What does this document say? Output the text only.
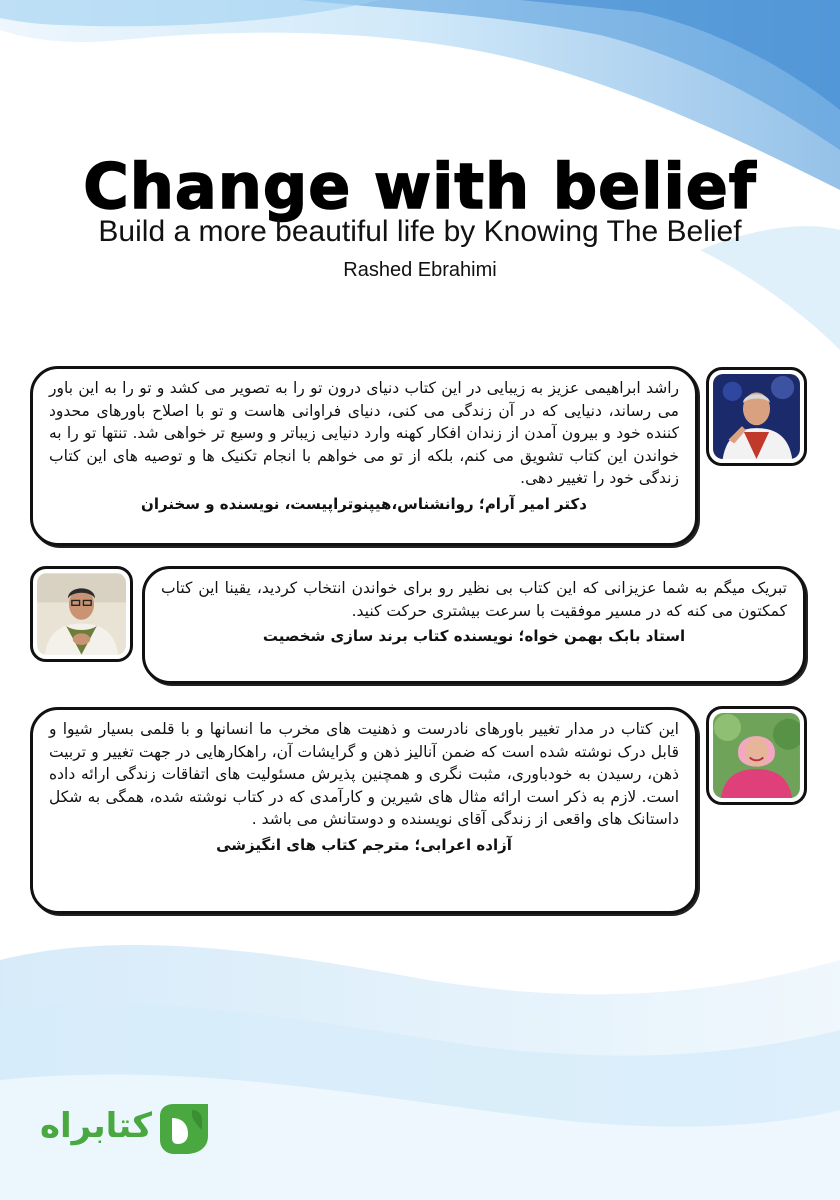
Change with belief
Build a more beautiful life by Knowing The Belief
Rashed Ebrahimi
راشد ابراهیمی عزیز به زیبایی در این کتاب دنیای درون تو را به تصویر می کشد و تو را به این باور می رساند، دنیایی که در آن زندگی می کنی، دنیای فراوانی هاست و تو با اصلاح باورهای محدود کننده خود و بیرون آمدن از زندان افکار کهنه وارد دنیایی زیباتر و وسیع تر خواهی شد. تنتها تو را به خواندن این کتاب تشویق می کنم، بلکه از تو می خواهم با انجام تکنیک ها و توصیه های این کتاب زندگی خود را تغییر دهی.
دکتر امیر آرام؛ روانشناس،هیپنوتراپیست، نویسنده و سخنران
تبریک میگم به شما عزیزانی که این کتاب بی نظیر رو برای خواندن انتخاب کردید، یقینا این کتاب کمکتون می کنه که در مسیر موفقیت با سرعت بیشتری حرکت کنید.
استاد بابک بهمن خواه؛ نویسنده کتاب برند سازی شخصیت
این کتاب در مدار تغییر باورهای نادرست و ذهنیت های مخرب ما انسانها و با قلمی بسیار شیوا و قابل درک نوشته شده است که ضمن آنالیز ذهن و گرایشات آن، راهکارهایی در جهت تغییر و تربیت ذهن، رسیدن به خودباوری، مثبت نگری و همچنین پذیرش مسئولیت های اتفاقات زندگی ارائه داده است. لازم به ذکر است ارائه مثال های شیرین و کارآمدی که در کتاب نوشته شده، همگی به شکل داستانک های واقعی از زندگی آقای نویسنده و دوستانش می باشد .
آزاده اعرابی؛ مترجم کتاب های انگیزشی
کتابراه
